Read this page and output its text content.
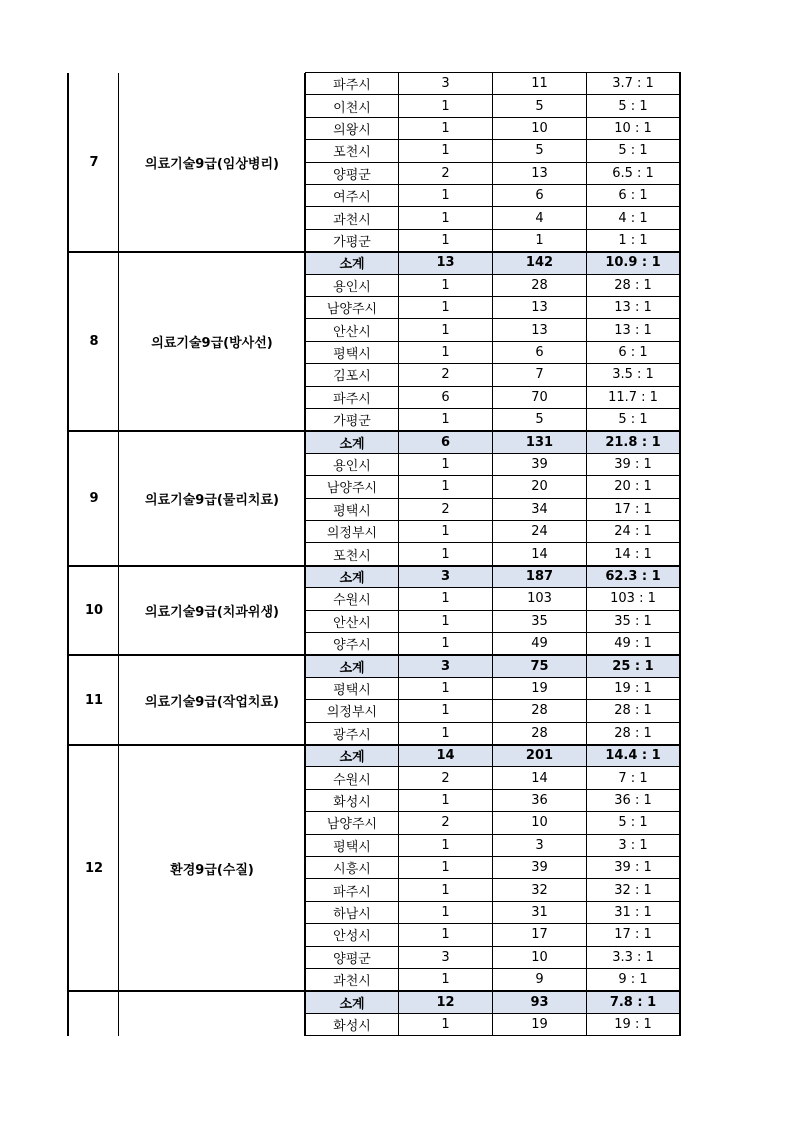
파주시	3	11	3.7 : 1
이천시	1	5	5 : 1
의왕시	1	10	10 : 1
포천시	1	5	5 : 1
양평군	2	13	6.5 : 1
여주시	1	6	6 : 1
과천시	1	4	4 : 1
가평군	1	1	1 : 1
7	의료기술9급(임상병리)
소계	13	142	10.9 : 1
용인시	1	28	28 : 1
남양주시	1	13	13 : 1
안산시	1	13	13 : 1
평택시	1	6	6 : 1
김포시	2	7	3.5 : 1
파주시	6	70	11.7 : 1
가평군	1	5	5 : 1
8	의료기술9급(방사선)
소계	6	131	21.8 : 1
용인시	1	39	39 : 1
남양주시	1	20	20 : 1
평택시	2	34	17 : 1
의정부시	1	24	24 : 1
포천시	1	14	14 : 1
9	의료기술9급(물리치료)
소계	3	187	62.3 : 1
수원시	1	103	103 : 1
안산시	1	35	35 : 1
양주시	1	49	49 : 1
10	의료기술9급(치과위생)
소계	3	75	25 : 1
평택시	1	19	19 : 1
의정부시	1	28	28 : 1
광주시	1	28	28 : 1
11	의료기술9급(작업치료)
소계	14	201	14.4 : 1
수원시	2	14	7 : 1
화성시	1	36	36 : 1
남양주시	2	10	5 : 1
평택시	1	3	3 : 1
시흥시	1	39	39 : 1
파주시	1	32	32 : 1
하남시	1	31	31 : 1
안성시	1	17	17 : 1
양평군	3	10	3.3 : 1
과천시	1	9	9 : 1
12	환경9급(수질)
소계	12	93	7.8 : 1
화성시	1	19	19 : 1
